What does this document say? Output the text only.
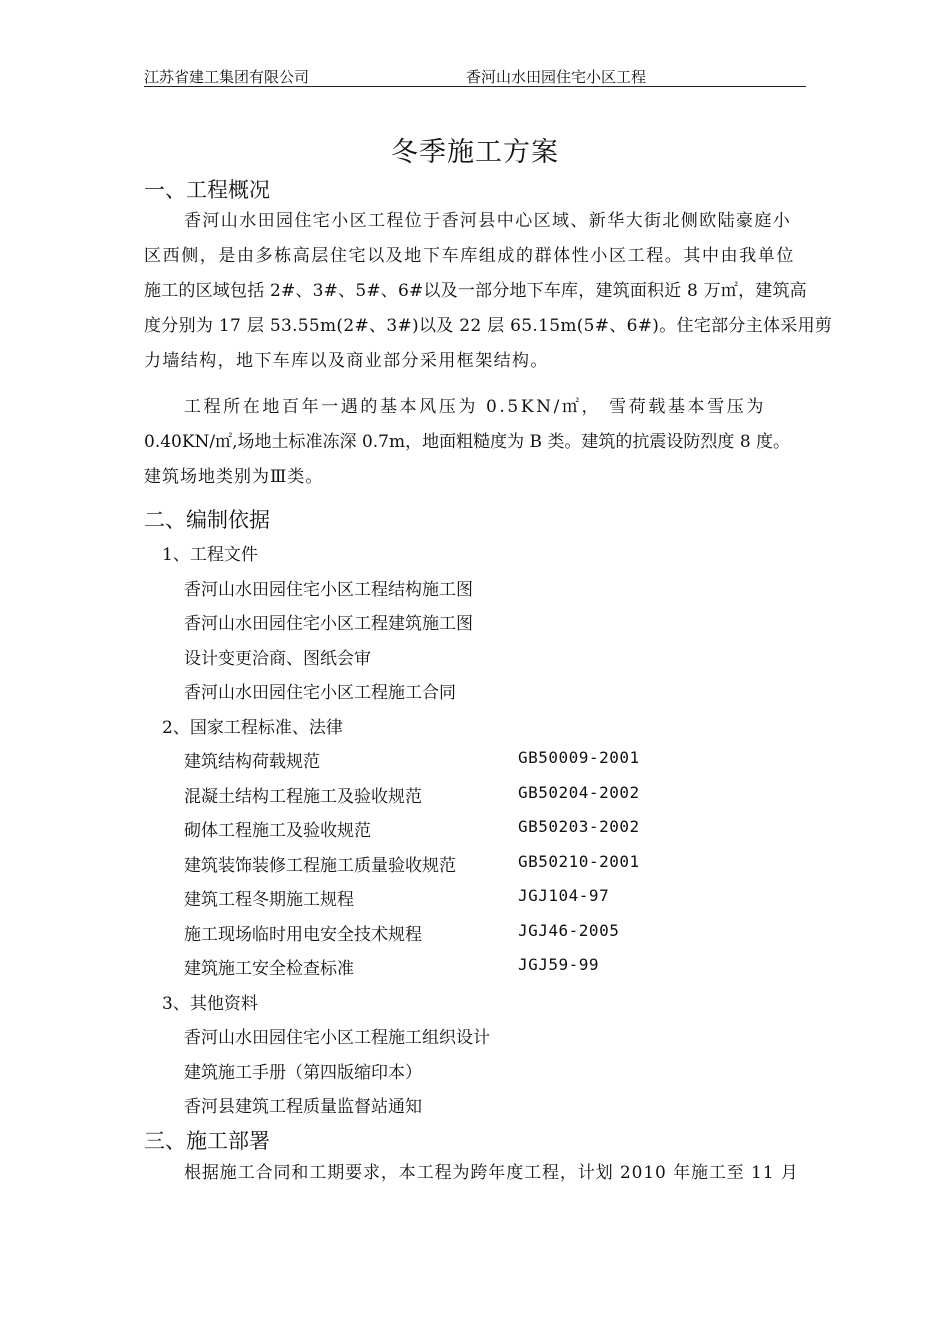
江苏省建工集团有限公司	香河山水田园住宅小区工程
冬季施工方案
一、工程概况
香河山水田园住宅小区工程位于香河县中心区域、新华大街北侧欧陆豪庭小
区西侧，是由多栋高层住宅以及地下车库组成的群体性小区工程。其中由我单位
施工的区域包括 2#、3#、5#、6#以及一部分地下车库，建筑面积近 8 万㎡，建筑高
度分别为 17 层 53.55m(2#、3#)以及 22 层 65.15m(5#、6#)。住宅部分主体采用剪
力墙结构，地下车库以及商业部分采用框架结构。
工程所在地百年一遇的基本风压为 0.5KN/㎡， 雪荷载基本雪压为
0.40KN/㎡,场地土标准冻深 0.7m，地面粗糙度为 B 类。建筑的抗震设防烈度 8 度。
建筑场地类别为Ⅲ类。
二、编制依据
1、工程文件
香河山水田园住宅小区工程结构施工图
香河山水田园住宅小区工程建筑施工图
设计变更洽商、图纸会审
香河山水田园住宅小区工程施工合同
2、国家工程标准、法律
建筑结构荷载规范	GB50009-2001
混凝土结构工程施工及验收规范	GB50204-2002
砌体工程施工及验收规范	GB50203-2002
建筑装饰装修工程施工质量验收规范	GB50210-2001
建筑工程冬期施工规程	JGJ104-97
施工现场临时用电安全技术规程	JGJ46-2005
建筑施工安全检查标准	JGJ59-99
3、其他资料
香河山水田园住宅小区工程施工组织设计
建筑施工手册（第四版缩印本）
香河县建筑工程质量监督站通知
三、施工部署
根据施工合同和工期要求，本工程为跨年度工程，计划 2010 年施工至 11 月
